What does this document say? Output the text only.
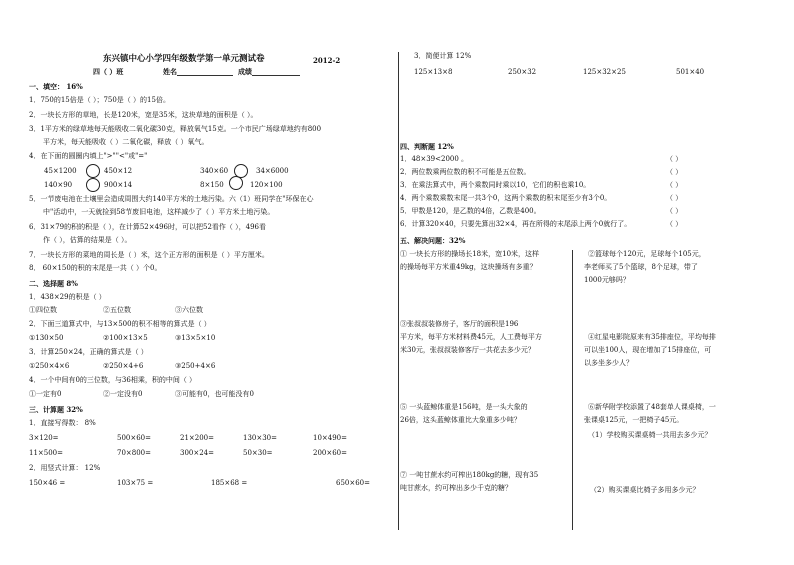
东兴镇中心小学四年级数学第一单元测试卷	2012-2
四（ ）班	姓名	成绩
一、填空： 16%
1．750的15倍是（ ）；750是（ ）的15倍。
2．一块长方形的草地，长是120米，宽是35米，这块草地的面积是（ ）。
3．1平方米的绿草地每天能吸收二氧化碳30克，释放氧气15克。一个市民广场绿草地约有800
平方米，每天能吸收（ ）二氧化碳，释放（ ）氧气。
4．在下面的圆圈内填上">""<"或"="
45×1200	450×12	340×60	34×6000
140×90	900×14	8×150	120×100
5．一节废电池在土壤里会造成周围大约140平方米的土地污染。六（1）班同学在"环保在心
中"活动中，一天就捡到58节废旧电池，这样减少了（ ）平方米土地污染。
6．31×79的积的积是（ ），在计算52×496时，可以把52看作（ ），496看
作（ ），估算的结果是（ ）。
7．一块长方形的菜地的周长是（ ）米，这个正方形的面积是（ ）平方厘米。
8． 60×150的积的末尾是一共（ ）个0。
二、选择题 8%
1．438×29的积是（ ）
①四位数	②五位数	③六位数
2．下面三道算式中，与13×500的积不相等的算式是（ ）
①130×50	②100×13×5	③13×5×10
3．计算250×24，正确的算式是（ ）
①250×4×6	②250×4+6	③250+4×6
4．一个中间有0的三位数，与36相乘，积的中间（ ）
①一定有0	②一定没有0	③可能有0，也可能没有0
三、计算题 32%
1．直接写得数： 8%
3×120=	500×60=	21×200=	130×30=	10×490=
11×500=	70×800=	300×24=	50×30=	200×60=
2．用竖式计算： 12%
150×46 =	103×75 =	185×68 =	650×60=
3．简便计算 12%
125×13×8	250×32	125×32×25	501×40
四、判断题 12%
1．48×39<2000 。	（ ）
2．两位数乘两位数的积不可能是五位数。	（ ）
3．在乘法算式中，两个乘数同时乘以10，它们的积也乘10。	（ ）
4．两个乘数乘数末尾一共3个0，这两个乘数的积末尾至少有3个0。	（ ）
5．甲数是120，是乙数的4倍，乙数是400。	（ ）
6．计算320×40，只要先算出32×4，再在所得的末尾添上两个0就行了。	（ ）
五、解决问题：32%
① 一块长方形的操场长18米，宽10米，这样
的操场每平方米重49kg，这块操场有多重？
③张叔叔装修房子，客厅的面积是196
平方米，每平方米材料费45元，人工费每平方
米30元，张叔叔装修客厅一共花去多少元？
⑤ 一头蓝鲸体重是156吨，是一头大象的
26倍，这头蓝鲸体重比大象重多少吨？
⑦ 一吨甘蔗水约可榨出180kg的糖，现有35
吨甘蔗水，约可榨出多少千克的糖？
②篮球每个120元，足球每个105元，
李老师买了5个篮球，8个足球，带了
1000元够吗？
④红星电影院原来有35排座位，平均每排
可以坐100人，现在增加了15排座位，可
以多坐多少人？
⑥新华附学校添置了48套单人课桌椅，一
张课桌125元，一把椅子45元。
（1）学校购买课桌椅一共用去多少元？
（2）购买课桌比椅子多用多少元？
